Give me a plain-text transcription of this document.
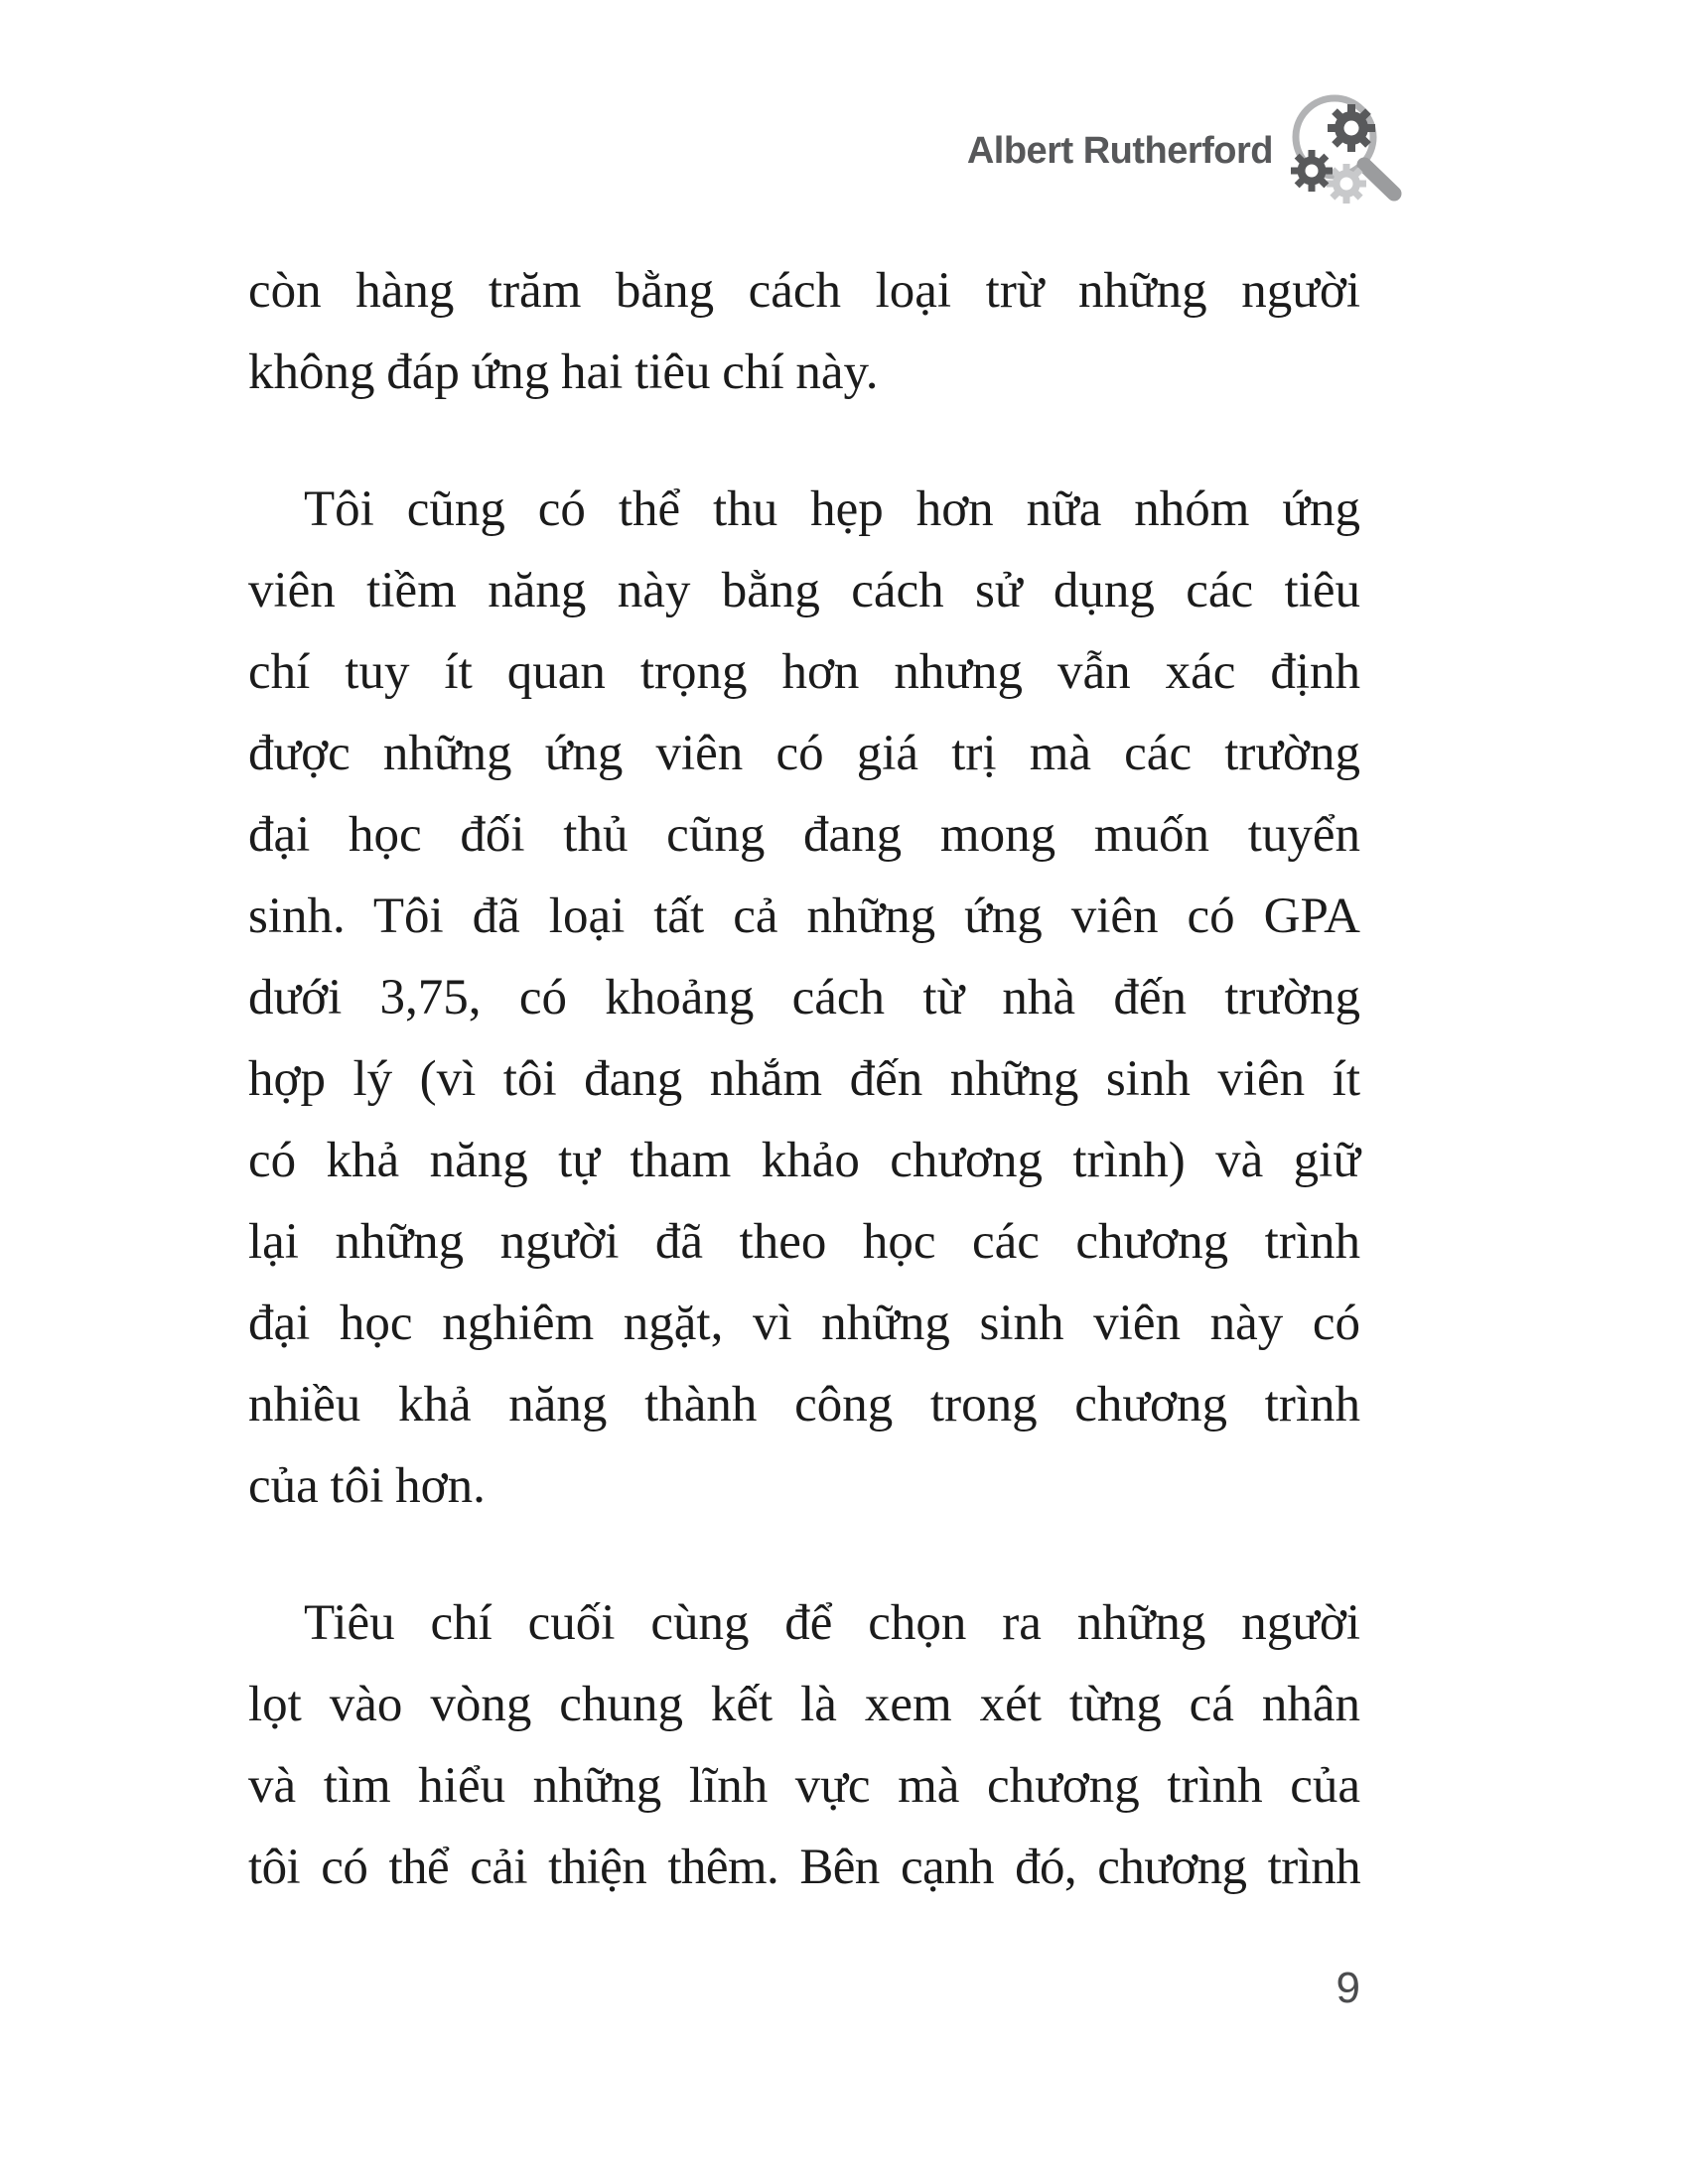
Albert Rutherford
còn hàng trăm bằng cách loại trừ những người
không đáp ứng hai tiêu chí này.
Tôi cũng có thể thu hẹp hơn nữa nhóm ứng
viên tiềm năng này bằng cách sử dụng các tiêu
chí tuy ít quan trọng hơn nhưng vẫn xác định
được những ứng viên có giá trị mà các trường
đại học đối thủ cũng đang mong muốn tuyển
sinh. Tôi đã loại tất cả những ứng viên có GPA
dưới 3,75, có khoảng cách từ nhà đến trường
hợp lý (vì tôi đang nhắm đến những sinh viên ít
có khả năng tự tham khảo chương trình) và giữ
lại những người đã theo học các chương trình
đại học nghiêm ngặt, vì những sinh viên này có
nhiều khả năng thành công trong chương trình
của tôi hơn.
Tiêu chí cuối cùng để chọn ra những người
lọt vào vòng chung kết là xem xét từng cá nhân
và tìm hiểu những lĩnh vực mà chương trình của
tôi có thể cải thiện thêm. Bên cạnh đó, chương trình
9
